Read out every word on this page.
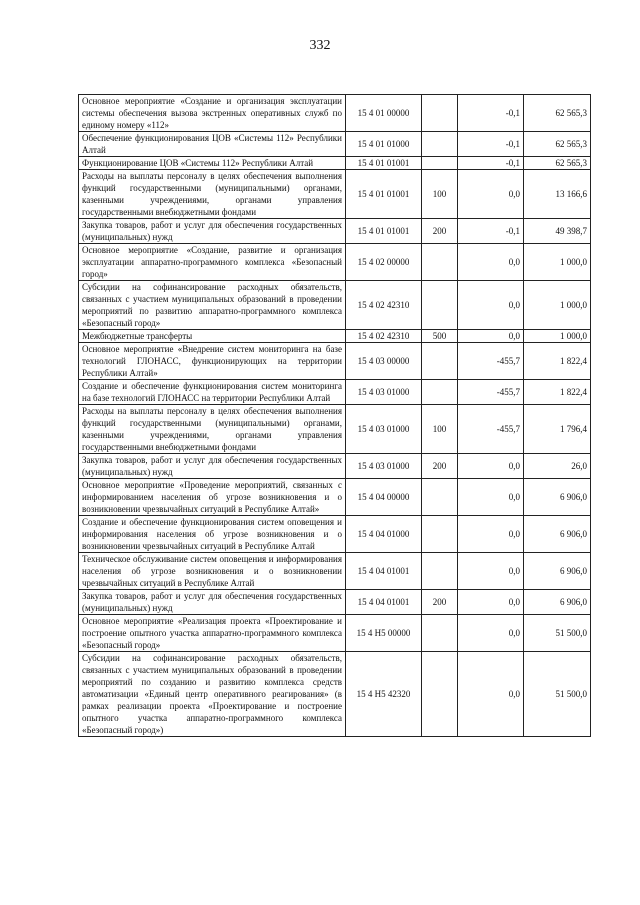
332
Основное мероприятие «Создание и организация эксплуатации системы обеспечения вызова экстренных оперативных служб по единому номеру «112»	15 4 01 00000		-0,1	62 565,3
Обеспечение функционирования ЦОВ «Системы 112» Республики Алтай	15 4 01 01000		-0,1	62 565,3
Функционирование ЦОВ «Системы 112» Республики Алтай	15 4 01 01001		-0,1	62 565,3
Расходы на выплаты персоналу в целях обеспечения выполнения функций государственными (муниципальными) органами, казенными учреждениями, органами управления государственными внебюджетными фондами	15 4 01 01001	100	0,0	13 166,6
Закупка товаров, работ и услуг для обеспечения государственных (муниципальных) нужд	15 4 01 01001	200	-0,1	49 398,7
Основное мероприятие «Создание, развитие и организация эксплуатации аппаратно-программного комплекса «Безопасный город»	15 4 02 00000		0,0	1 000,0
Субсидии на софинансирование расходных обязательств, связанных с участием муниципальных образований в проведении мероприятий по развитию аппаратно-программного комплекса «Безопасный город»	15 4 02 42310		0,0	1 000,0
Межбюджетные трансферты	15 4 02 42310	500	0,0	1 000,0
Основное мероприятие «Внедрение систем мониторинга на базе технологий ГЛОНАСС, функционирующих на территории Республики Алтай»	15 4 03 00000		-455,7	1 822,4
Создание и обеспечение функционирования систем мониторинга на базе технологий ГЛОНАСС на территории Республики Алтай	15 4 03 01000		-455,7	1 822,4
Расходы на выплаты персоналу в целях обеспечения выполнения функций государственными (муниципальными) органами, казенными учреждениями, органами управления государственными внебюджетными фондами	15 4 03 01000	100	-455,7	1 796,4
Закупка товаров, работ и услуг для обеспечения государственных (муниципальных) нужд	15 4 03 01000	200	0,0	26,0
Основное мероприятие «Проведение мероприятий, связанных с информированием населения об угрозе возникновения и о возникновении чрезвычайных ситуаций в Республике Алтай»	15 4 04 00000		0,0	6 906,0
Создание и обеспечение функционирования систем оповещения и информирования населения об угрозе возникновения и о возникновении чрезвычайных ситуаций в Республике Алтай	15 4 04 01000		0,0	6 906,0
Техническое обслуживание систем оповещения и информирования населения об угрозе возникновения и о возникновении чрезвычайных ситуаций в Республике Алтай	15 4 04 01001		0,0	6 906,0
Закупка товаров, работ и услуг для обеспечения государственных (муниципальных) нужд	15 4 04 01001	200	0,0	6 906,0
Основное мероприятие «Реализация проекта «Проектирование и построение опытного участка аппаратно-программного комплекса «Безопасный город»	15 4 Н5 00000		0,0	51 500,0
Субсидии на софинансирование расходных обязательств, связанных с участием муниципальных образований в проведении мероприятий по созданию и развитию комплекса средств автоматизации «Единый центр оперативного реагирования» (в рамках реализации проекта «Проектирование и построение опытного участка аппаратно-программного комплекса «Безопасный город»)	15 4 Н5 42320		0,0	51 500,0
